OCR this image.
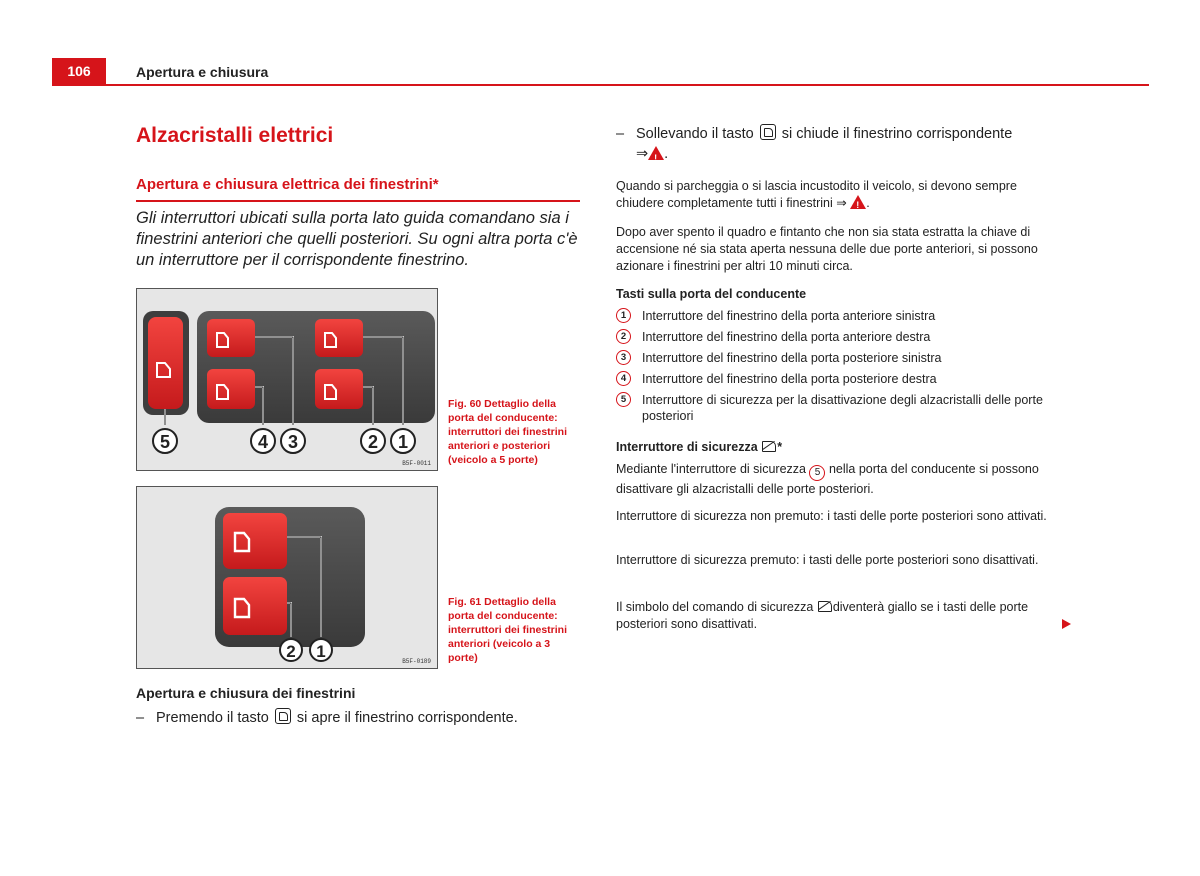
106	Apertura e chiusura
Alzacristalli elettrici
Apertura e chiusura elettrica dei finestrini*
Gli interruttori ubicati sulla porta lato guida comandano sia i finestrini anteriori che quelli posteriori. Su ogni altra porta c'è un interruttore per il corrispondente finestrino.
5	4 3	2 1
B5F-0011
Fig. 60 Dettaglio della porta del conducente: interruttori dei finestrini anteriori e posteriori (veicolo a 5 porte)
2 1
B5F-0189
Fig. 61 Dettaglio della porta del conducente: interruttori dei finestrini anteriori (veicolo a 3 porte)
Apertura e chiusura dei finestrini
– Premendo il tasto si apre il finestrino corrispondente.
– Sollevando il tasto si chiude il finestrino corrispondente
⇒ ! .
Quando si parcheggia o si lascia incustodito il veicolo, si devono sempre chiudere completamente tutti i finestrini ⇒ ! .
Dopo aver spento il quadro e fintanto che non sia stata estratta la chiave di accensione né sia stata aperta nessuna delle due porte anteriori, si possono azionare i finestrini per altri 10 minuti circa.
Tasti sulla porta del conducente
1	Interruttore del finestrino della porta anteriore sinistra
2	Interruttore del finestrino della porta anteriore destra
3	Interruttore del finestrino della porta posteriore sinistra
4	Interruttore del finestrino della porta posteriore destra
5	Interruttore di sicurezza per la disattivazione degli alzacristalli delle porte posteriori
Interruttore di sicurezza *
Mediante l'interruttore di sicurezza 5 nella porta del conducente si possono disattivare gli alzacristalli delle porte posteriori.
Interruttore di sicurezza non premuto: i tasti delle porte posteriori sono attivati.
Interruttore di sicurezza premuto: i tasti delle porte posteriori sono disattivati.
Il simbolo del comando di sicurezza diventerà giallo se i tasti delle porte posteriori sono disattivati.
